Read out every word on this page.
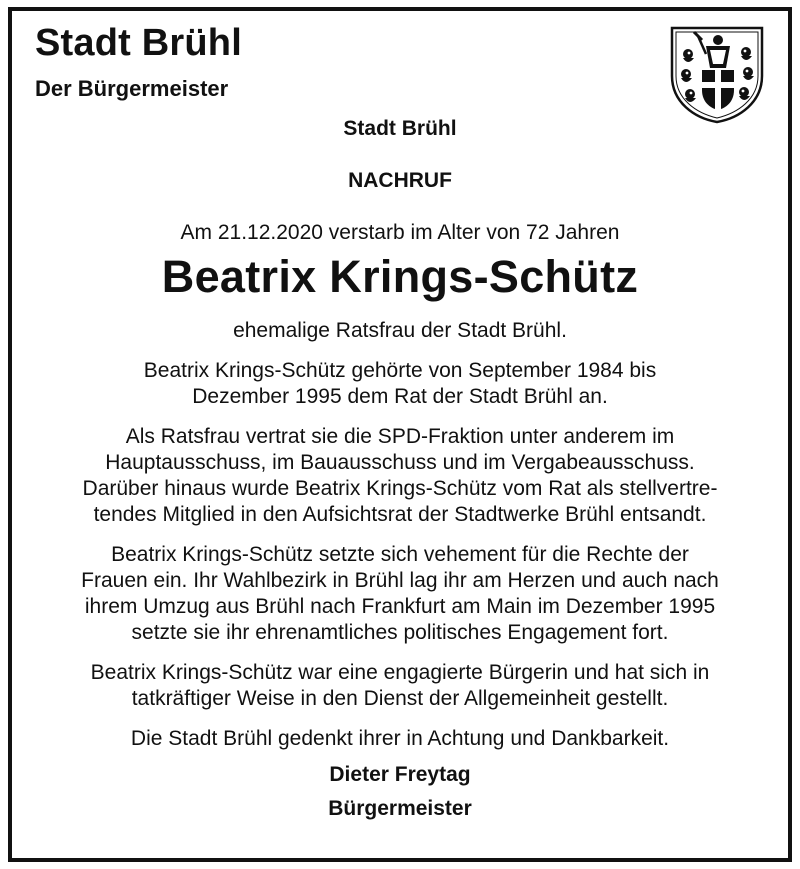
Stadt Brühl
Der Bürgermeister
Stadt Brühl
NACHRUF
Am 21.12.2020 verstarb im Alter von 72 Jahren
Beatrix Krings-Schütz
ehemalige Ratsfrau der Stadt Brühl.
Beatrix Krings-Schütz gehörte von September 1984 bis
Dezember 1995 dem Rat der Stadt Brühl an.
Als Ratsfrau vertrat sie die SPD-Fraktion unter anderem im
Hauptausschuss, im Bauausschuss und im Vergabeausschuss.
Darüber hinaus wurde Beatrix Krings-Schütz vom Rat als stellvertre-
tendes Mitglied in den Aufsichtsrat der Stadtwerke Brühl entsandt.
Beatrix Krings-Schütz setzte sich vehement für die Rechte der
Frauen ein. Ihr Wahlbezirk in Brühl lag ihr am Herzen und auch nach
ihrem Umzug aus Brühl nach Frankfurt am Main im Dezember 1995
setzte sie ihr ehrenamtliches politisches Engagement fort.
Beatrix Krings-Schütz war eine engagierte Bürgerin und hat sich in
tatkräftiger Weise in den Dienst der Allgemeinheit gestellt.
Die Stadt Brühl gedenkt ihrer in Achtung und Dankbarkeit.
Dieter Freytag
Bürgermeister
